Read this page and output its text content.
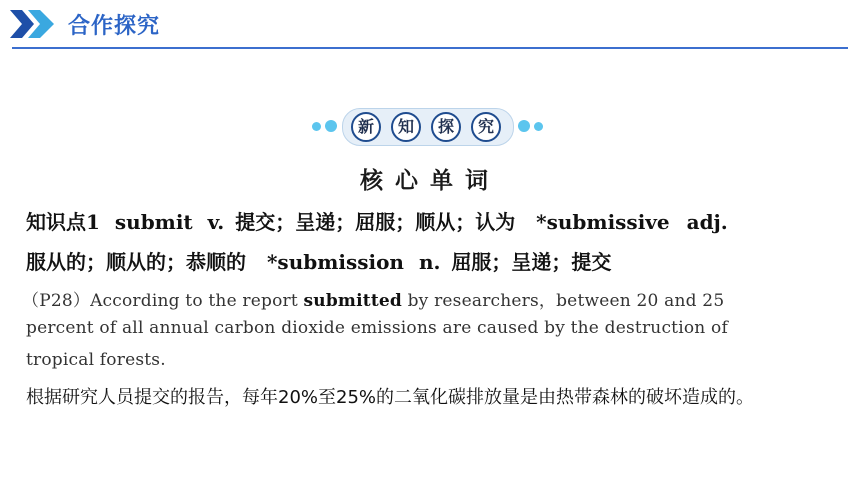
合作探究
新	知	探	究
核心单词
知识点1 submit v. 提交；呈递；屈服；顺从；认为 *submissive adj.
服从的；顺从的；恭顺的 *submission n. 屈服；呈递；提交
（P28）According to the report submitted by researchers，between 20 and 25
percent of all annual carbon dioxide emissions are caused by the destruction of
tropical forests.
根据研究人员提交的报告，每年20%至25%的二氧化碳排放量是由热带森林的破坏造成的。
